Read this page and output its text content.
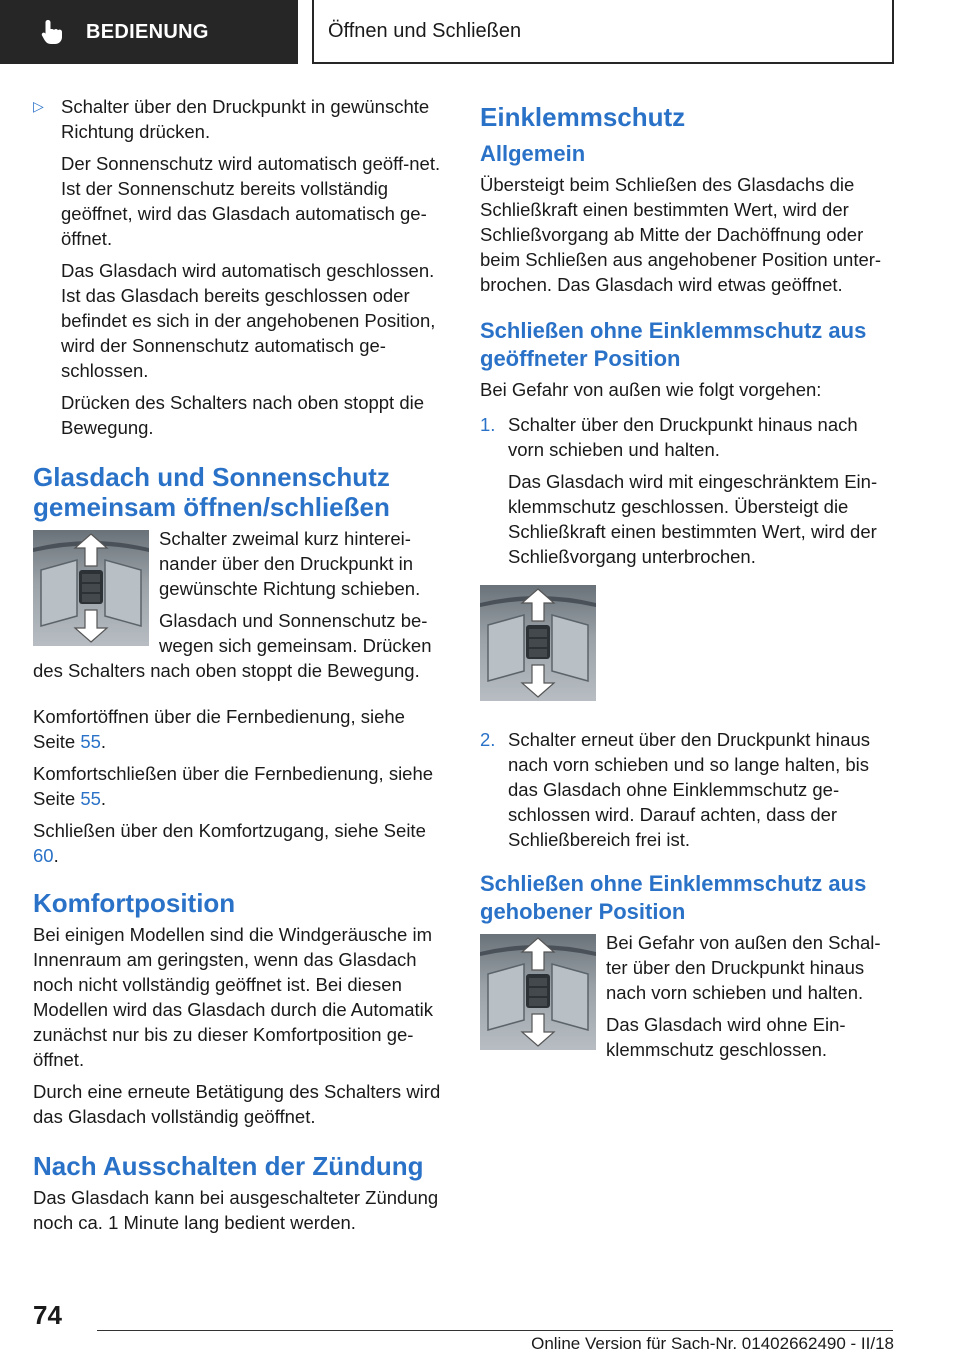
BEDIENUNG	Öffnen und Schließen
▷ Schalter über den Druckpunkt in gewünschte Richtung drücken.

Der Sonnenschutz wird automatisch geöff‐net. Ist der Sonnenschutz bereits vollständig geöffnet, wird das Glasdach automatisch ge‐öffnet.

Das Glasdach wird automatisch geschlossen. Ist das Glasdach bereits geschlossen oder befindet es sich in der angehobenen Position, wird der Sonnenschutz automatisch ge‐schlossen.

Drücken des Schalters nach oben stoppt die Bewegung.

Glasdach und Sonnenschutz gemeinsam öffnen/schließen

Schalter zweimal kurz hinterei‐nander über den Druckpunkt in gewünschte Richtung schieben.

Glasdach und Sonnenschutz be‐wegen sich gemeinsam. Drücken des Schalters nach oben stoppt die Bewegung.

Komfortöffnen über die Fernbedienung, siehe Seite 55.

Komfortschließen über die Fernbedienung, siehe Seite 55.

Schließen über den Komfortzugang, siehe Seite 60.

Komfortposition

Bei einigen Modellen sind die Windgeräusche im Innenraum am geringsten, wenn das Glasdach noch nicht vollständig geöffnet ist. Bei diesen Modellen wird das Glasdach durch die Automatik zunächst nur bis zu dieser Komfortposition ge‐öffnet.

Durch eine erneute Betätigung des Schalters wird das Glasdach vollständig geöffnet.

Nach Ausschalten der Zündung

Das Glasdach kann bei ausgeschalteter Zündung noch ca. 1 Minute lang bedient werden.

Einklemmschutz
Allgemein

Übersteigt beim Schließen des Glasdachs die Schließkraft einen bestimmten Wert, wird der Schließvorgang ab Mitte der Dachöffnung oder beim Schließen aus angehobener Position unter‐brochen. Das Glasdach wird etwas geöffnet.

Schließen ohne Einklemmschutz aus geöffneter Position

Bei Gefahr von außen wie folgt vorgehen:

1. Schalter über den Druckpunkt hinaus nach vorn schieben und halten.

Das Glasdach wird mit eingeschränktem Ein‐klemmschutz geschlossen. Übersteigt die Schließkraft einen bestimmten Wert, wird der Schließvorgang unterbrochen.

2. Schalter erneut über den Druckpunkt hinaus nach vorn schieben und so lange halten, bis das Glasdach ohne Einklemmschutz ge‐schlossen wird. Darauf achten, dass der Schließbereich frei ist.
Schließen ohne Einklemmschutz aus gehobener Position

Bei Gefahr von außen den Schal‐ter über den Druckpunkt hinaus nach vorn schieben und halten.

Das Glasdach wird ohne Ein‐klemmschutz geschlossen.

74
Online Version für Sach-Nr. 01402662490 - II/18
